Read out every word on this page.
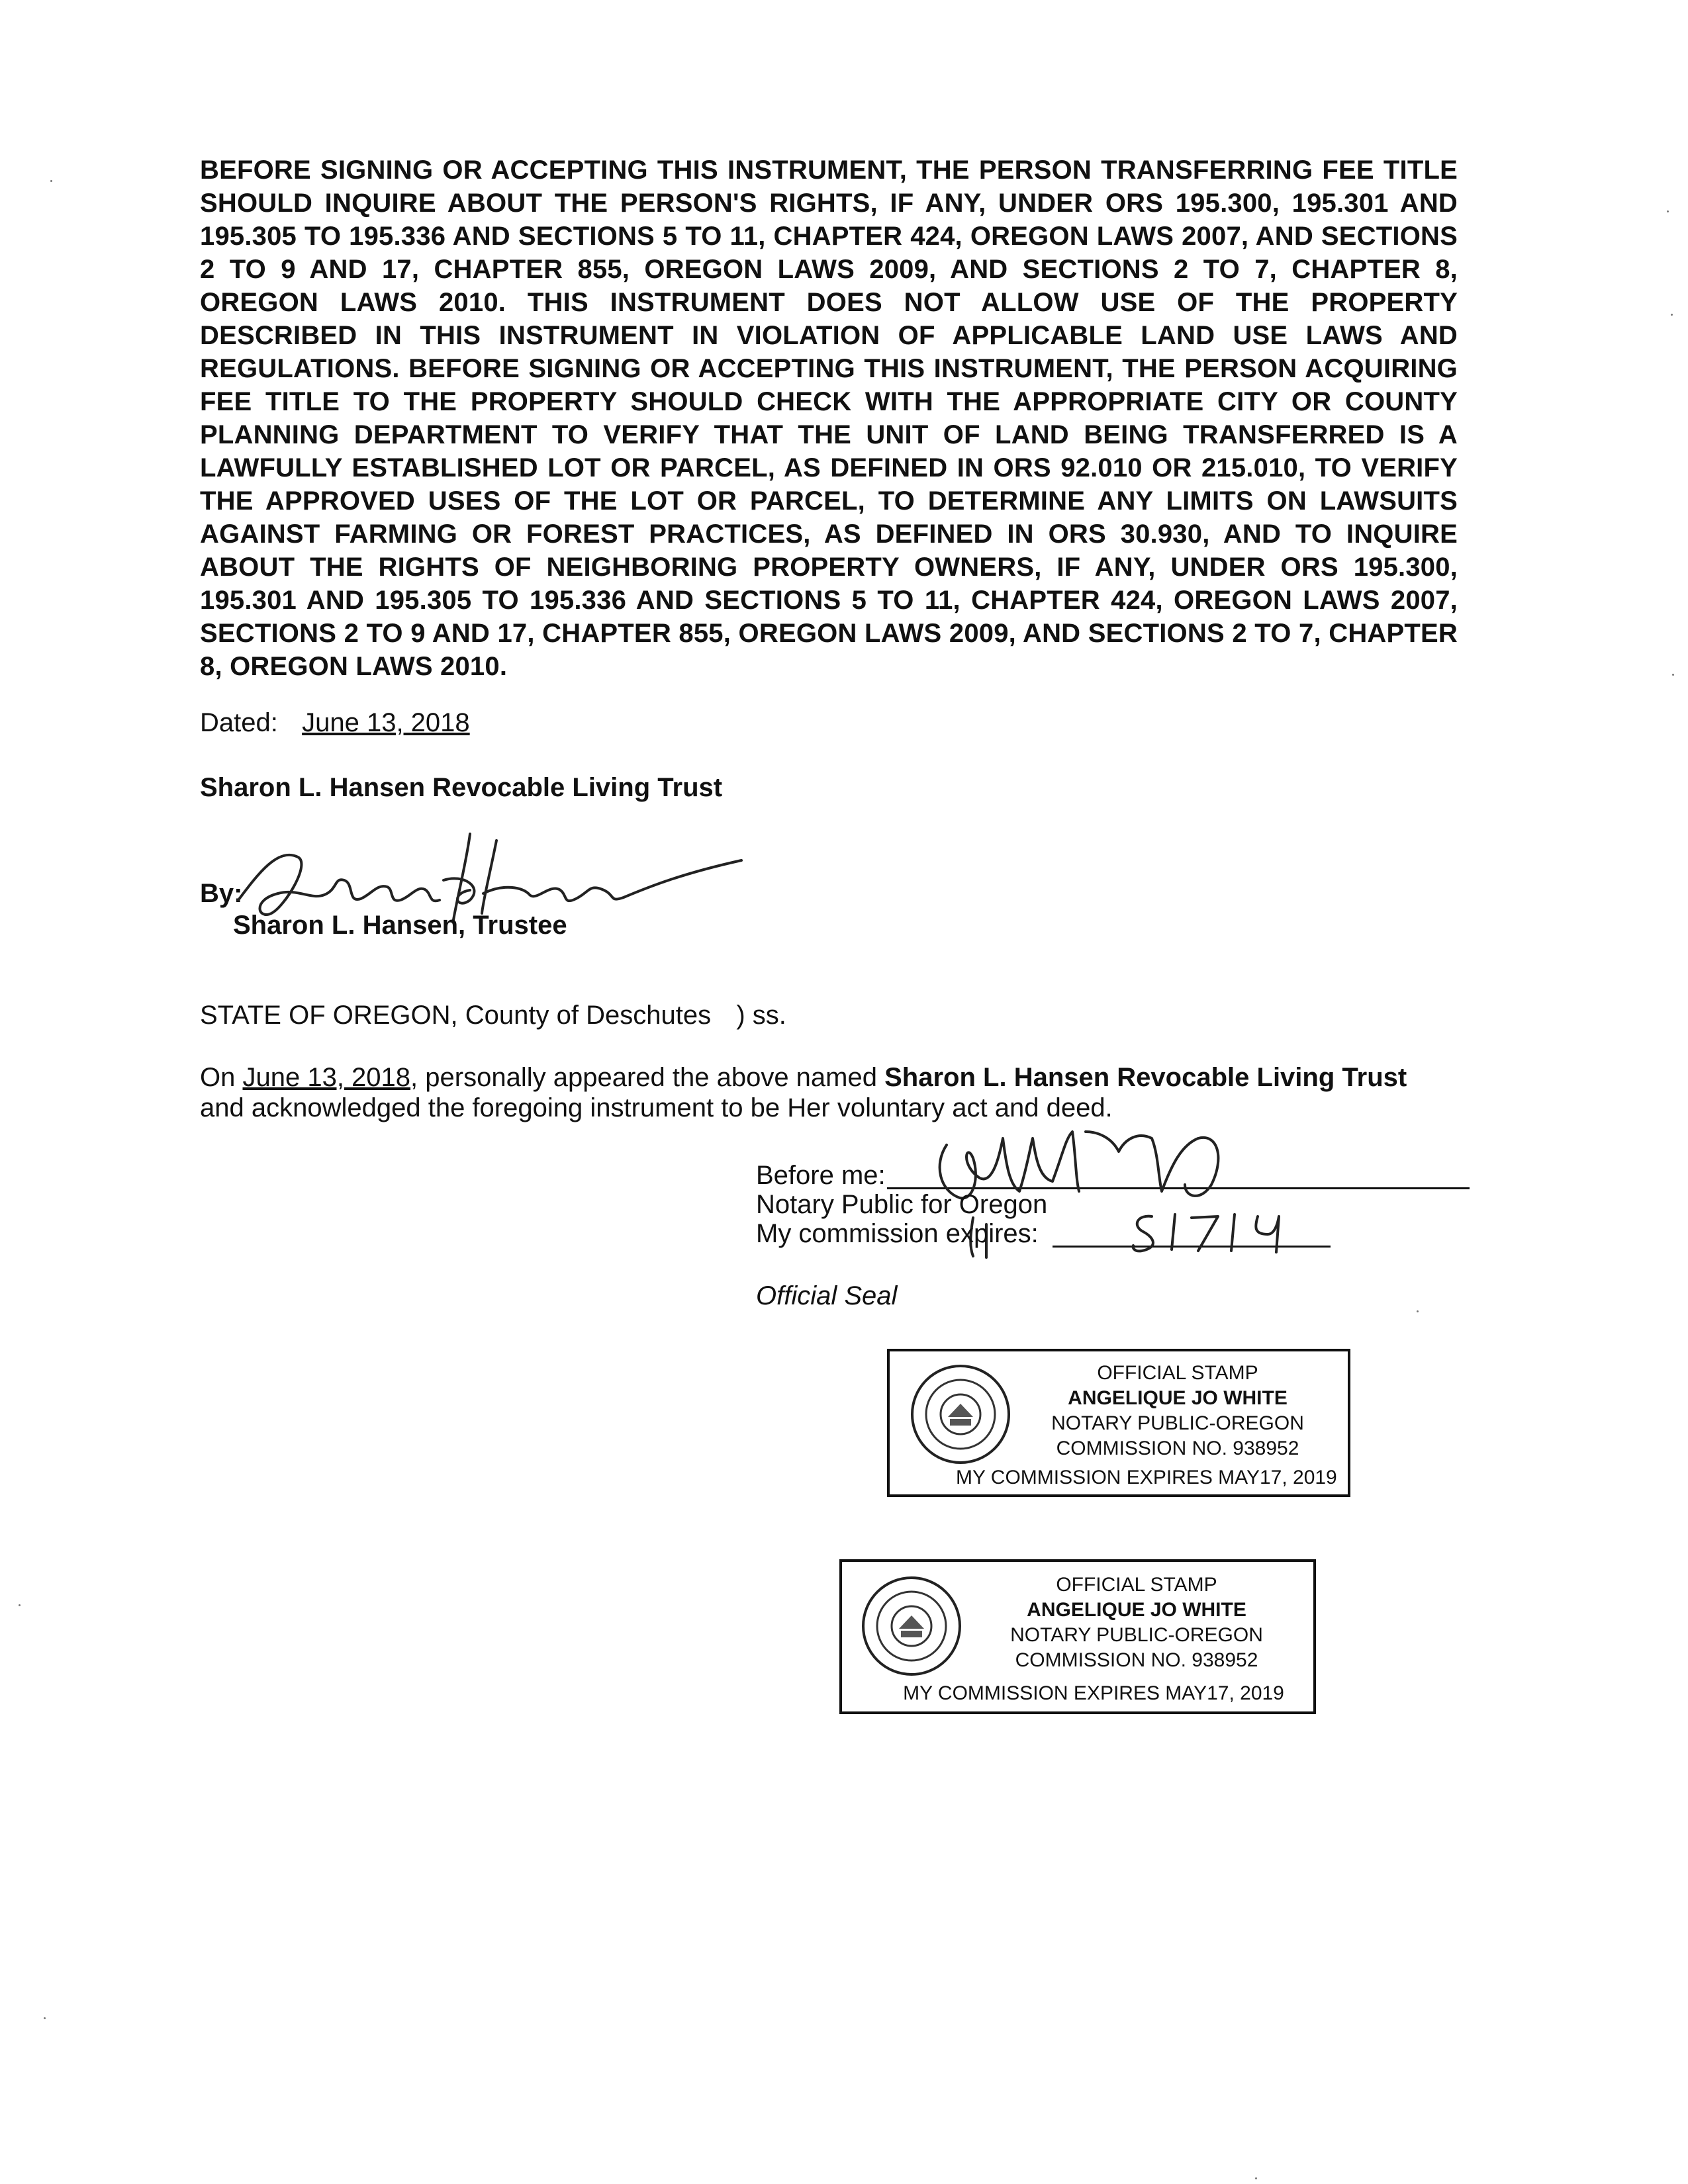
BEFORE SIGNING OR ACCEPTING THIS INSTRUMENT, THE PERSON TRANSFERRING FEE TITLE SHOULD INQUIRE ABOUT THE PERSON'S RIGHTS, IF ANY, UNDER ORS 195.300, 195.301 AND 195.305 TO 195.336 AND SECTIONS 5 TO 11, CHAPTER 424, OREGON LAWS 2007, AND SECTIONS 2 TO 9 AND 17, CHAPTER 855, OREGON LAWS 2009, AND SECTIONS 2 TO 7, CHAPTER 8, OREGON LAWS 2010. THIS INSTRUMENT DOES NOT ALLOW USE OF THE PROPERTY DESCRIBED IN THIS INSTRUMENT IN VIOLATION OF APPLICABLE LAND USE LAWS AND REGULATIONS. BEFORE SIGNING OR ACCEPTING THIS INSTRUMENT, THE PERSON ACQUIRING FEE TITLE TO THE PROPERTY SHOULD CHECK WITH THE APPROPRIATE CITY OR COUNTY PLANNING DEPARTMENT TO VERIFY THAT THE UNIT OF LAND BEING TRANSFERRED IS A LAWFULLY ESTABLISHED LOT OR PARCEL, AS DEFINED IN ORS 92.010 OR 215.010, TO VERIFY THE APPROVED USES OF THE LOT OR PARCEL, TO DETERMINE ANY LIMITS ON LAWSUITS AGAINST FARMING OR FOREST PRACTICES, AS DEFINED IN ORS 30.930, AND TO INQUIRE ABOUT THE RIGHTS OF NEIGHBORING PROPERTY OWNERS, IF ANY, UNDER ORS 195.300, 195.301 AND 195.305 TO 195.336 AND SECTIONS 5 TO 11, CHAPTER 424, OREGON LAWS 2007, SECTIONS 2 TO 9 AND 17, CHAPTER 855, OREGON LAWS 2009, AND SECTIONS 2 TO 7, CHAPTER 8, OREGON LAWS 2010.
Dated: June 13, 2018
Sharon L. Hansen Revocable Living Trust
By:
Sharon L. Hansen, Trustee
STATE OF OREGON, County of Deschutes ) ss.
On June 13, 2018, personally appeared the above named Sharon L. Hansen Revocable Living Trust
and acknowledged the foregoing instrument to be Her voluntary act and deed.
Before me:
Notary Public for Oregon
My commission expires:
Official Seal
OFFICIAL STAMP
ANGELIQUE JO WHITE
NOTARY PUBLIC-OREGON
COMMISSION NO. 938952
MY COMMISSION EXPIRES MAY17, 2019
OFFICIAL STAMP
ANGELIQUE JO WHITE
NOTARY PUBLIC-OREGON
COMMISSION NO. 938952
MY COMMISSION EXPIRES MAY17, 2019
